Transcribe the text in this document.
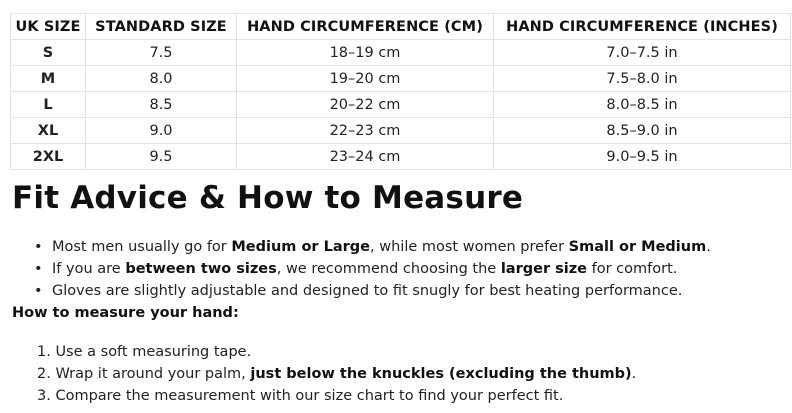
UK SIZE	STANDARD SIZE	HAND CIRCUMFERENCE (CM)	HAND CIRCUMFERENCE (INCHES)
S	7.5	18–19 cm	7.0–7.5 in
M	8.0	19–20 cm	7.5–8.0 in
L	8.5	20–22 cm	8.0–8.5 in
XL	9.0	22–23 cm	8.5–9.0 in
2XL	9.5	23–24 cm	9.0–9.5 in
Fit Advice & How to Measure
• Most men usually go for Medium or Large, while most women prefer Small or Medium.
• If you are between two sizes, we recommend choosing the larger size for comfort.
• Gloves are slightly adjustable and designed to fit snugly for best heating performance.

How to measure your hand:

1. Use a soft measuring tape.
2. Wrap it around your palm, just below the knuckles (excluding the thumb).
3. Compare the measurement with our size chart to find your perfect fit.
